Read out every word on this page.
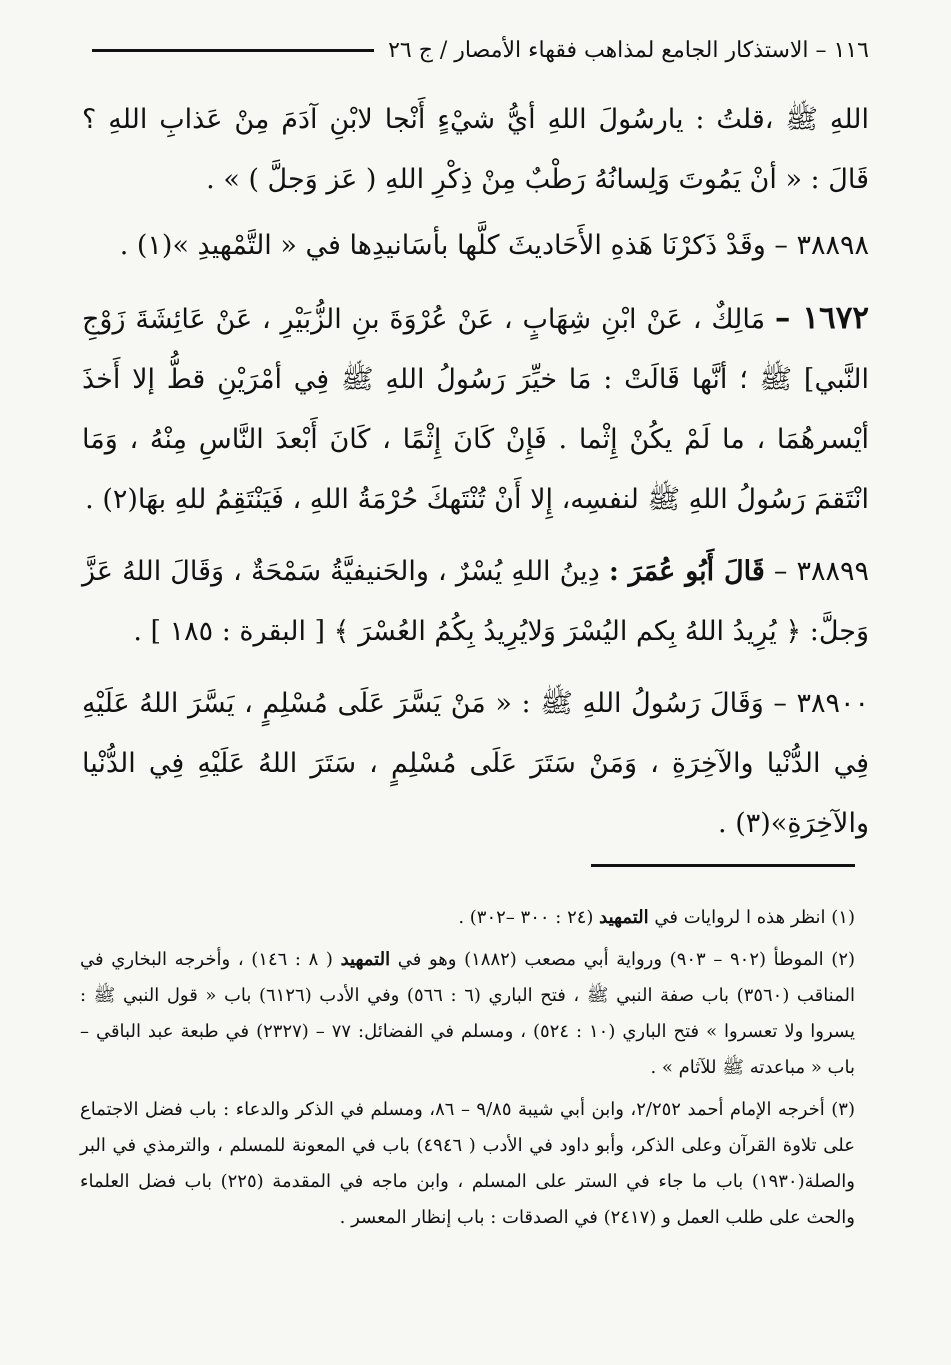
١١٦ – الاستذكار الجامع لمذاهب فقهاء الأمصار / ج ٢٦

اللهِ ﷺ ،قلتُ : يارسُولَ اللهِ أيُّ شيْءٍ أَنْجا لابْنِ آدَمَ مِنْ عَذابِ اللهِ ؟ قَالَ : « أنْ يَمُوتَ وَلِسانُهُ رَطْبٌ مِنْ ذِكْرِ اللهِ ( عَز وَجلَّ ) » .

٣٨٨٩٨ – وقَدْ ذَكرْنَا هَذهِ الأَحَاديثَ كلَّها بأسَانيدِها في « التَّمْهيدِ »(١) .

١٦٧٢ – مَالِكٌ ، عَنْ ابْنِ شِهَابٍ ، عَنْ عُرْوَةَ بنِ الزُّبَيْرِ ، عَنْ عَائِشَةَ زَوْجِ النَّبي] ﷺ ؛ أنَّها قَالَتْ : مَا خيِّرَ رَسُولُ اللهِ ﷺ فِي أمْرَيْنِ قطُّ إلا أَخذَ أيْسرهُمَا ، ما لَمْ يكُنْ إِثْما . فَإِنْ كَانَ إِثْمًا ، كَانَ أَبْعدَ النَّاسِ مِنْهُ ، وَمَا انْتَقمَ رَسُولُ اللهِ ﷺ لنفسِه، إِلا أَنْ تُنْتَهكَ حُرْمَةُ اللهِ ، فَيَنْتَقِمُ للهِ بهَا(٢) .

٣٨٨٩٩ – قَالَ أَبُو عُمَرَ : دِينُ اللهِ يُسْرٌ ، والحَنيفيَّةُ سَمْحَةٌ ، وَقَالَ اللهُ عَزَّ وَجلَّ: ﴿ يُرِيدُ اللهُ بِكم اليُسْرَ وَلايُرِيدُ بِكُمُ العُسْرَ ﴾ [ البقرة : ١٨٥ ] .

٣٨٩٠٠ – وَقَالَ رَسُولُ اللهِ ﷺ : « مَنْ يَسَّرَ عَلَى مُسْلِمٍ ، يَسَّرَ اللهُ عَلَيْهِ فِي الدُّنْيا والآخِرَةِ ، وَمَنْ سَتَرَ عَلَى مُسْلِمٍ ، سَتَرَ اللهُ عَلَيْهِ فِي الدُّنْيا والآخِرَةِ»(٣) .

(١) انظر هذه ا لروايات في التمهيد (٢٤ : ٣٠٠ –٣٠٢) .

(٢) الموطأ (٩٠٢ – ٩٠٣) ورواية أبي مصعب (١٨٨٢) وهو في التمهيد ( ٨ : ١٤٦) ، وأخرجه البخاري في المناقب (٣٥٦٠) باب صفة النبي ﷺ ، فتح الباري (٦ : ٥٦٦) وفي الأدب (٦١٢٦) باب « قول النبي ﷺ : يسروا ولا تعسروا » فتح الباري (١٠ : ٥٢٤) ، ومسلم في الفضائل: ٧٧ – (٢٣٢٧) في طبعة عبد الباقي – باب « مباعدته ﷺ للآثام » .

(٣) أخرجه الإمام أحمد ٢/٢٥٢، وابن أبي شيبة ٩/٨٥ – ٨٦، ومسلم في الذكر والدعاء : باب فضل الاجتماع على تلاوة القرآن وعلى الذكر، وأبو داود في الأدب ( ٤٩٤٦) باب في المعونة للمسلم ، والترمذي في البر والصلة(١٩٣٠) باب ما جاء في الستر على المسلم ، وابن ماجه في المقدمة (٢٢٥) باب فضل العلماء والحث على طلب العمل و (٢٤١٧) في الصدقات : باب إنظار المعسر .
